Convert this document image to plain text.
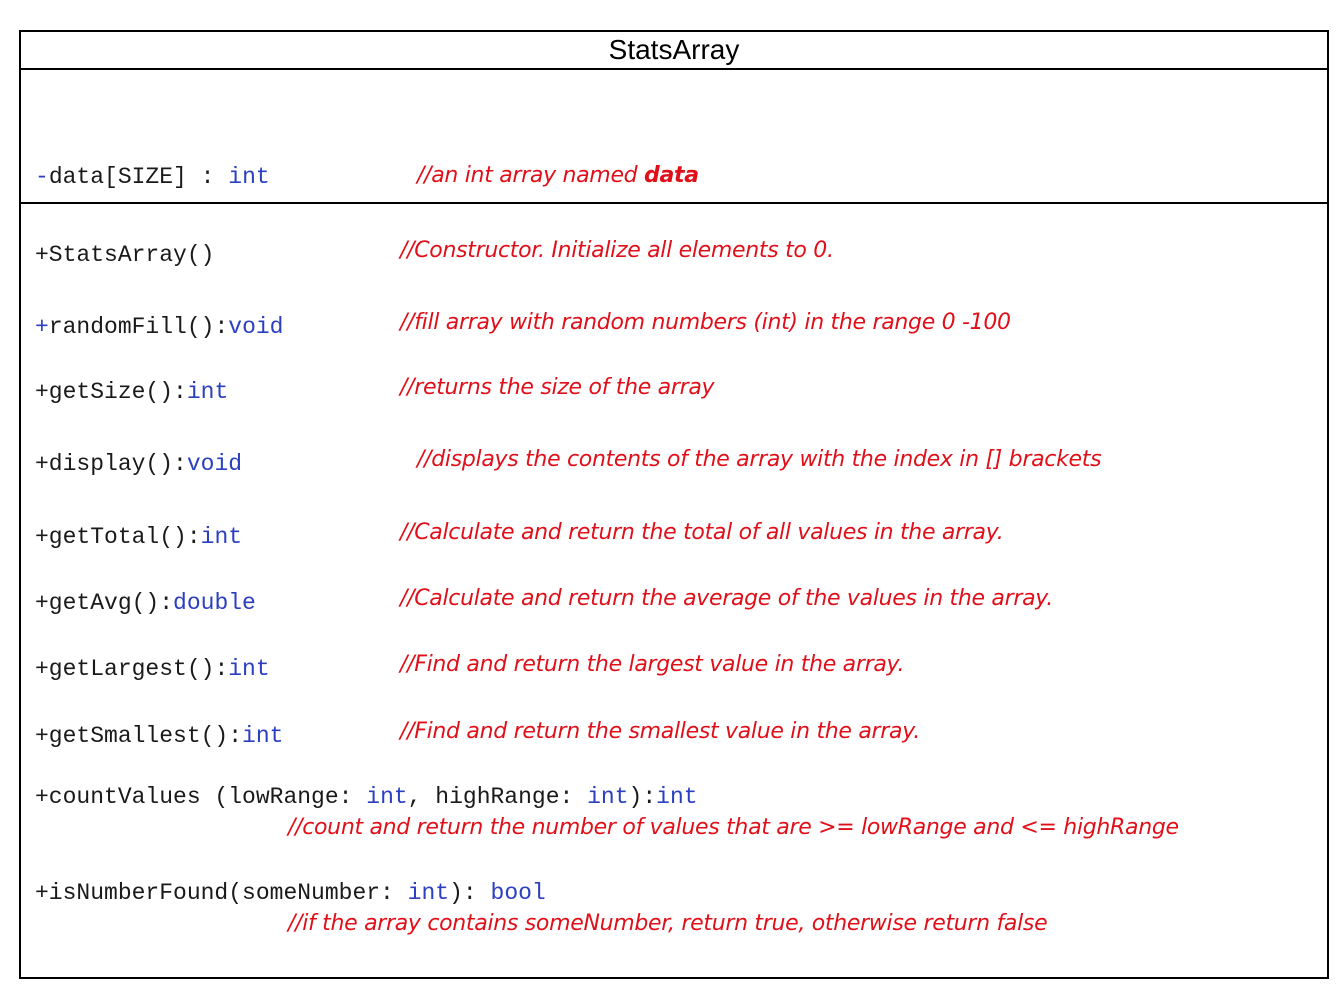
StatsArray
-data[SIZE] : int	//an int array named data
+StatsArray()	//Constructor. Initialize all elements to 0.
+randomFill():void	//fill array with random numbers (int) in the range 0 -100
+getSize():int	//returns the size of the array
+display():void	//displays the contents of the array with the index in [] brackets
+getTotal():int	//Calculate and return the total of all values in the array.
+getAvg():double	//Calculate and return the average of the values in the array.
+getLargest():int	//Find and return the largest value in the array.
+getSmallest():int	//Find and return the smallest value in the array.
+countValues (lowRange: int, highRange: int):int
//count and return the number of values that are >= lowRange and <= highRange
+isNumberFound(someNumber: int): bool
//if the array contains someNumber, return true, otherwise return false
